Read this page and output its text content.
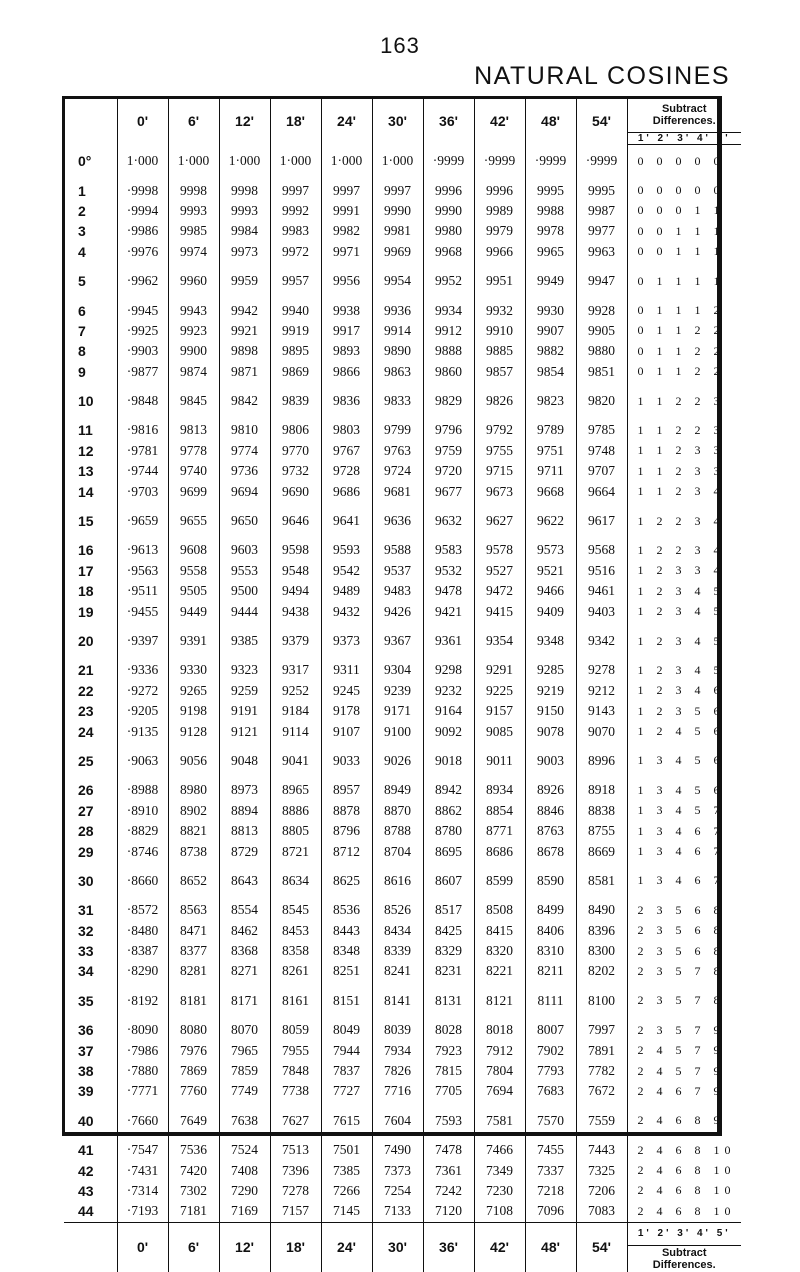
163
NATURAL COSINES
	0'	6'	12'	18'	24'	30'	36'	42'	48'	54'	Subtract
Differences.

											1' 2' 3' 4' 5'
0°	1·000	1·000	1·000	1·000	1·000	1·000	·9999	·9999	·9999	·9999	0 0 0 0 0
1	·9998	9998	9998	9997	9997	9997	9996	9996	9995	9995	0 0 0 0 0
2	·9994	9993	9993	9992	9991	9990	9990	9989	9988	9987	0 0 0 1 1
3	·9986	9985	9984	9983	9982	9981	9980	9979	9978	9977	0 0 1 1 1
4	·9976	9974	9973	9972	9971	9969	9968	9966	9965	9963	0 0 1 1 1
5	·9962	9960	9959	9957	9956	9954	9952	9951	9949	9947	0 1 1 1 1
6	·9945	9943	9942	9940	9938	9936	9934	9932	9930	9928	0 1 1 1 2
7	·9925	9923	9921	9919	9917	9914	9912	9910	9907	9905	0 1 1 2 2
8	·9903	9900	9898	9895	9893	9890	9888	9885	9882	9880	0 1 1 2 2
9	·9877	9874	9871	9869	9866	9863	9860	9857	9854	9851	0 1 1 2 2
10	·9848	9845	9842	9839	9836	9833	9829	9826	9823	9820	1 1 2 2 3
11	·9816	9813	9810	9806	9803	9799	9796	9792	9789	9785	1 1 2 2 3
12	·9781	9778	9774	9770	9767	9763	9759	9755	9751	9748	1 1 2 3 3
13	·9744	9740	9736	9732	9728	9724	9720	9715	9711	9707	1 1 2 3 3
14	·9703	9699	9694	9690	9686	9681	9677	9673	9668	9664	1 1 2 3 4
15	·9659	9655	9650	9646	9641	9636	9632	9627	9622	9617	1 2 2 3 4
16	·9613	9608	9603	9598	9593	9588	9583	9578	9573	9568	1 2 2 3 4
17	·9563	9558	9553	9548	9542	9537	9532	9527	9521	9516	1 2 3 3 4
18	·9511	9505	9500	9494	9489	9483	9478	9472	9466	9461	1 2 3 4 5
19	·9455	9449	9444	9438	9432	9426	9421	9415	9409	9403	1 2 3 4 5
20	·9397	9391	9385	9379	9373	9367	9361	9354	9348	9342	1 2 3 4 5
21	·9336	9330	9323	9317	9311	9304	9298	9291	9285	9278	1 2 3 4 5
22	·9272	9265	9259	9252	9245	9239	9232	9225	9219	9212	1 2 3 4 6
23	·9205	9198	9191	9184	9178	9171	9164	9157	9150	9143	1 2 3 5 6
24	·9135	9128	9121	9114	9107	9100	9092	9085	9078	9070	1 2 4 5 6
25	·9063	9056	9048	9041	9033	9026	9018	9011	9003	8996	1 3 4 5 6
26	·8988	8980	8973	8965	8957	8949	8942	8934	8926	8918	1 3 4 5 6
27	·8910	8902	8894	8886	8878	8870	8862	8854	8846	8838	1 3 4 5 7
28	·8829	8821	8813	8805	8796	8788	8780	8771	8763	8755	1 3 4 6 7
29	·8746	8738	8729	8721	8712	8704	8695	8686	8678	8669	1 3 4 6 7
30	·8660	8652	8643	8634	8625	8616	8607	8599	8590	8581	1 3 4 6 7
31	·8572	8563	8554	8545	8536	8526	8517	8508	8499	8490	2 3 5 6 8
32	·8480	8471	8462	8453	8443	8434	8425	8415	8406	8396	2 3 5 6 8
33	·8387	8377	8368	8358	8348	8339	8329	8320	8310	8300	2 3 5 6 8
34	·8290	8281	8271	8261	8251	8241	8231	8221	8211	8202	2 3 5 7 8
35	·8192	8181	8171	8161	8151	8141	8131	8121	8111	8100	2 3 5 7 8
36	·8090	8080	8070	8059	8049	8039	8028	8018	8007	7997	2 3 5 7 9
37	·7986	7976	7965	7955	7944	7934	7923	7912	7902	7891	2 4 5 7 9
38	·7880	7869	7859	7848	7837	7826	7815	7804	7793	7782	2 4 5 7 9
39	·7771	7760	7749	7738	7727	7716	7705	7694	7683	7672	2 4 6 7 9
40	·7660	7649	7638	7627	7615	7604	7593	7581	7570	7559	2 4 6 8 9
41	·7547	7536	7524	7513	7501	7490	7478	7466	7455	7443	2 4 6 8 10
42	·7431	7420	7408	7396	7385	7373	7361	7349	7337	7325	2 4 6 8 10
43	·7314	7302	7290	7278	7266	7254	7242	7230	7218	7206	2 4 6 8 10
44	·7193	7181	7169	7157	7145	7133	7120	7108	7096	7083	2 4 6 8 10
	0'	6'	12'	18'	24'	30'	36'	42'	48'	54'	1' 2' 3' 4' 5'

											Subtract
Differences.
